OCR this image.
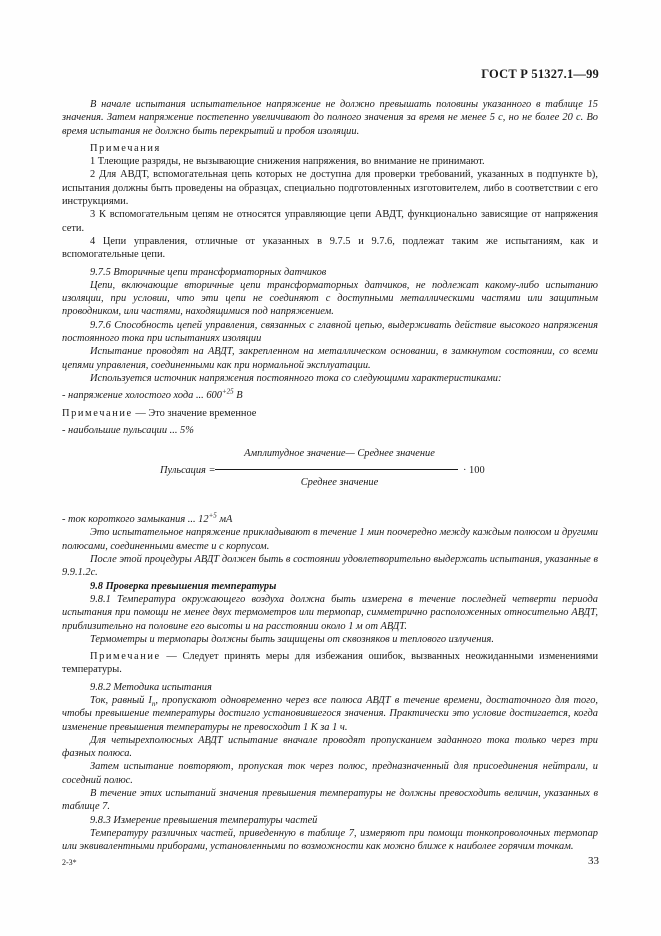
ГОСТ Р 51327.1—99

В начале испытания испытательное напряжение не должно превышать половины указанного в таблице 15 значения. Затем напряжение постепенно увеличивают до полного значения за время не менее 5 с, но не более 20 с. Во время испытания не должно быть перекрытий и пробоя изоляции.

Примечания

1 Тлеющие разряды, не вызывающие снижения напряжения, во внимание не принимают.

2 Для АВДТ, вспомогательная цепь которых не доступна для проверки требований, указанных в подпункте b), испытания должны быть проведены на образцах, специально подготовленных изготовителем, либо в соответствии с его инструкциями.

3 К вспомогательным цепям не относятся управляющие цепи АВДТ, функционально зависящие от напряжения сети.

4 Цепи управления, отличные от указанных в 9.7.5 и 9.7.6, подлежат таким же испытаниям, как и вспомогательные цепи.

9.7.5 Вторичные цепи трансформаторных датчиков

Цепи, включающие вторичные цепи трансформаторных датчиков, не подлежат какому-либо испытанию изоляции, при условии, что эти цепи не соединяют с доступными металлическими частями или защитным проводником, или частями, находящимися под напряжением.

9.7.6 Способность цепей управления, связанных с главной цепью, выдерживать действие высокого напряжения постоянного тока при испытаниях изоляции

Испытание проводят на АВДТ, закрепленном на металлическом основании, в замкнутом состоянии, со всеми цепями управления, соединенными как при нормальной эксплуатации.

Используется источник напряжения постоянного тока со следующими характеристиками:

- напряжение холостого хода ... $600^{+25}$ В

Примечание — Это значение временное

- наибольшие пульсации ... 5%

Пульсация =
Амплитудное значение— Среднее значение
Среднее значение
· 100

- ток короткого замыкания ... $12^{+5}$ мА

Это испытательное напряжение прикладывают в течение 1 мин поочередно между каждым полюсом и другими полюсами, соединенными вместе и с корпусом.

После этой процедуры АВДТ должен быть в состоянии удовлетворительно выдержать испытания, указанные в 9.9.1.2с.

9.8 Проверка превышения температуры

9.8.1 Температура окружающего воздуха должна быть измерена в течение последней четверти периода испытания при помощи не менее двух термометров или термопар, симметрично расположенных относительно АВДТ, приблизительно на половине его высоты и на расстоянии около 1 м от АВДТ.

Термометры и термопары должны быть защищены от сквозняков и теплового излучения.

Примечание — Следует принять меры для избежания ошибок, вызванных неожиданными изменениями температуры.

9.8.2 Методика испытания

Ток, равный $I_n$, пропускают одновременно через все полюса АВДТ в течение времени, достаточного для того, чтобы превышение температуры достигло установившегося значения. Практически это условие достигается, когда изменение превышения температуры не превосходит 1 К за 1 ч.

Для четырехполюсных АВДТ испытание вначале проводят пропусканием заданного тока только через три фазных полюса.

Затем испытание повторяют, пропуская ток через полюс, предназначенный для присоединения нейтрали, и соседний полюс.

В течение этих испытаний значения превышения температуры не должны превосходить величин, указанных в таблице 7.

9.8.3 Измерение превышения температуры частей

Температуру различных частей, приведенную в таблице 7, измеряют при помощи тонкопроволочных термопар или эквивалентными приборами, установленными по возможности как можно ближе к наиболее горячим точкам.

2-3*	33
